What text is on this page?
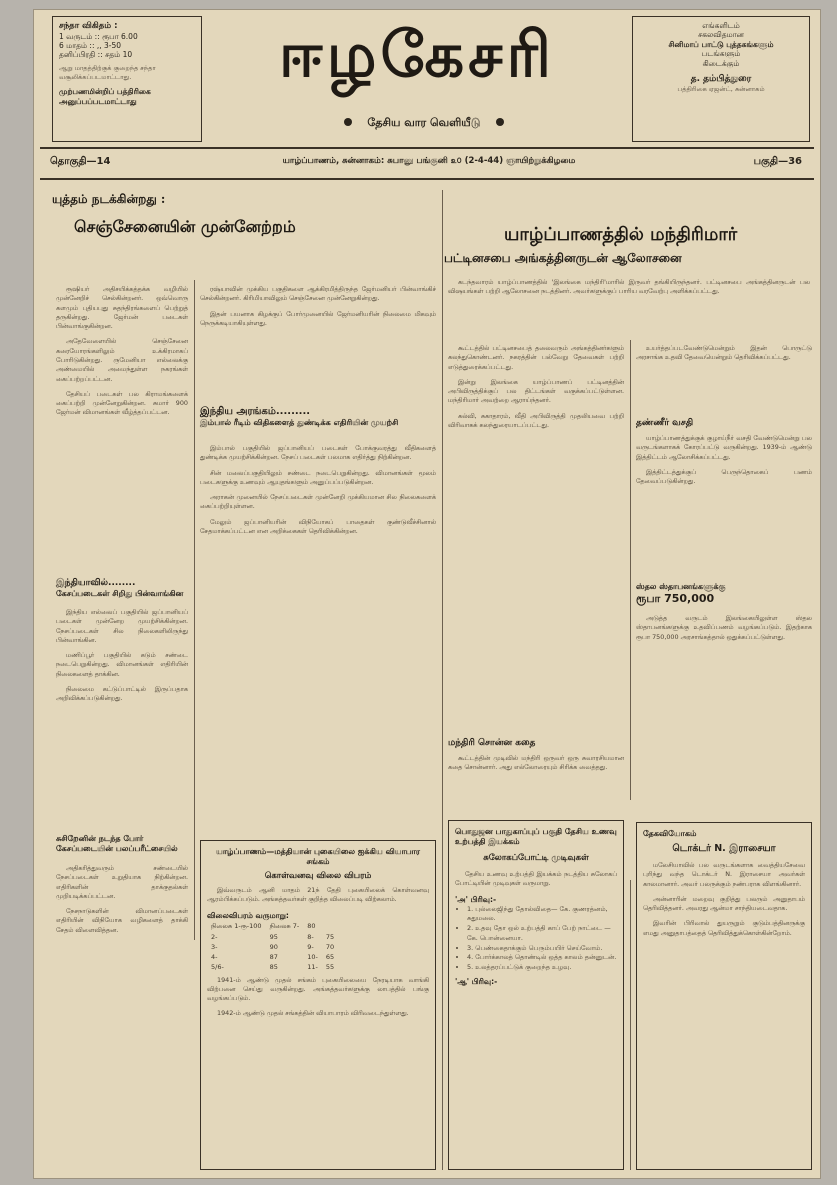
சந்தா விகிதம் :
1 வருடம் :: ரூபா 6.00
6 மாதம் :: ,, 3-50
தனிப்பிரதி :: சதம் 10
ஆறு மாதத்திற்குக் குறைந்த சந்தா வசூலிக்கப்படமாட்டாது.
முற்பணமின்றிப் பத்திரிகை அனுப்பப்படமாட்டாது
ஈழகேசரி
தேசிய வார வெளியீடு
எங்களிடம்
சகலவிதமான
சினிமாப் பாட்டு புத்தகங்களும்
படங்களும்
கிடைக்கும்
த. தம்பித்துரை
பத்திரிகை ஏஜன்ட், சுன்னாகம்
தொகுதி—14	யாழ்ப்பாணம், சுன்னாகம்: சுபானு பங்குனி ௨௦ (2-4-44) ஞாயிற்றுக்கிழமை	பகுதி—36
யுத்தம் நடக்கின்றது :
செஞ்சேனையின் முன்னேற்றம்	யாழ்ப்பாணத்தில் மந்திரிமார்
பட்டினசபை அங்கத்தினருடன் ஆலோசனை

ரூஷியர் அதிசயிக்கத்தக்க வழியில் முன்னேறிச் செல்கின்றனர். ஒவ்வொரு களமும் புதியபுது சுதந்திரங்களைப் பெற்றுத் தருகின்றது. ஜேர்மன் படைகள் பின்வாங்குகின்றன.

அதேவேளையில் செஞ்சேனை கரையோரங்களிலும் உக்கிரமாகப் போரிடுகின்றது. ருமேனியா எல்லைக்கு அண்மையில் அமைந்துள்ள நகரங்கள் கைப்பற்றப்பட்டன.

தேசியப் படைகள் பல கிராமங்களைக் கைப்பற்றி முன்னேறுகின்றன. சுமார் 900 ஜேர்மன் விமானங்கள் வீழ்த்தப்பட்டன.

இந்தியாவில்........
கேசப்படைகள் சிறிது பின்வாங்கின

இந்திய எல்லைப் பகுதியில் ஜப்பானியப் படைகள் முன்னேற முயற்சிக்கின்றன. நேசப்படைகள் சில நிலைகளிலிருந்து பின்வாங்கின.

மணிப்பூர் பகுதியில் கடும் சண்டை நடைபெறுகின்றது. விமானங்கள் எதிரியின் நிலைகளைத் தாக்கின.

நிலைமை கட்டுப்பாட்டில் இருப்பதாக அறிவிக்கப்படுகின்றது.

சுசிறேனின் நடந்த போர்
கேசப்படையின் பலப்பரீட்சையில்

அதிகரித்துவரும் சண்டையில் நேசப்படைகள் உறுதியாக நிற்கின்றன. எதிரிகளின் தாக்குதல்கள் முறியடிக்கப்பட்டன.

நேசநாடுகளின் விமானப்படைகள் எதிரியின் விநியோக வழிகளைத் தாக்கி சேதம் விளைவித்தன.

ரஷ்யாவின் முக்கிய பகுதிகளை ஆக்கிரமித்திருந்த ஜேர்மனியர் பின்வாங்கிச் செல்கின்றனர். கிரிமியாவிலும் செஞ்சேனை முன்னேறுகின்றது.

இதன் பயனாக கிழக்குப் போர்முனையில் ஜேர்மனியரின் நிலைமை மிகவும் நெருக்கடியாகியுள்ளது.

இந்திய அரங்கம்.........
இம்பால் ரீடிம் விதிகளைத் துண்டிக்க எதிரியின் முயற்சி

இம்பால் பகுதியில் ஜப்பானியப் படைகள் போக்குவரத்து வீதிகளைத் துண்டிக்க முயற்சிக்கின்றன. நேசப் படைகள் பலமாக எதிர்த்து நிற்கின்றன.

சின் மலைப்பகுதியிலும் சண்டை நடைபெறுகின்றது. விமானங்கள் மூலம் படைகளுக்கு உணவும் ஆயுதங்களும் அனுப்பப்படுகின்றன.

அராகன் முனையில் நேசப்படைகள் முன்னேறி முக்கியமான சில நிலைகளைக் கைப்பற்றியுள்ளன.

மேலும் ஜப்பானியரின் விநியோகப் பாதைகள் குண்டுவீச்சினால் சேதமாக்கப்பட்டன என அறிக்கைகள் தெரிவிக்கின்றன.

யாழ்ப்பாணம்—மத்தியான் புகையிலை ஐக்கிய வியாபார சங்கம்
கொள்வனவு விலை விபரம்

இவ்வருடம் ஆனி மாதம் 21ந் தேதி புகையிலைக் கொள்வனவு ஆரம்பிக்கப்படும். அங்கத்தவர்கள் குறித்த விலைப்படி விற்கலாம்.

விலைவிபரம் வருமாறு:
நிலைசு 1-ரூ-100	நிலைசு 7-	80	
2-	95	8-	75
3-	90	9-	70
4-	87	10-	65
5/6-	85	11-	55

1941-ம் ஆண்டு முதல் சங்கம் புகையிலையை நேரடியாக வாங்கி விற்பனை செய்து வருகின்றது. அங்கத்தவர்களுக்கு லாபத்தில் பங்கு வழங்கப்படும்.

1942-ம் ஆண்டு முதல் சங்கத்தின் வியாபாரம் விரிவடைந்துள்ளது.

கடந்தவாரம் யாழ்ப்பாணத்தில் 'இலங்கை மந்திரி'மாரில் இருவர் தங்கியிருந்தனர். பட்டினசபை அங்கத்தினருடன் பல விஷயங்கள் பற்றி ஆலோசனை நடத்தினர். அவர்களுக்குப் பாரிய வரவேற்பு அளிக்கப்பட்டது.

கூட்டத்தில் பட்டினசபைத் தலைவரும் அங்கத்தினர்களும் கலந்துகொண்டனர். நகரத்தின் பல்வேறு தேவைகள் பற்றி எடுத்துரைக்கப்பட்டது.

இன்று இலங்கை யாழ்ப்பாணப் பட்டினத்தின் அபிவிருத்திக்குப் பல திட்டங்கள் வகுக்கப்பட்டுள்ளன. மந்திரிமார் அவற்றை ஆராய்ந்தனர்.

கல்வி, சுகாதாரம், வீதி அபிவிருத்தி முதலியவை பற்றி விரிவாகக் கலந்துரையாடப்பட்டது.

மந்திரி சொன்ன கதை

கூட்டத்தின் முடிவில் மந்திரி ஒருவர் ஒரு சுவாரசியமான கதை சொன்னார். அது எல்லோரையும் சிரிக்க வைத்தது.

உயர்த்தப்படவேண்டுமென்றும் இதன் பொருட்டு அரசாங்க உதவி தேவையென்றும் தெரிவிக்கப்பட்டது.

தண்ணீர் வசதி

யாழ்ப்பாணத்துக்குக் குழாய்நீர் வசதி வேண்டுமென்று பல வருடங்களாகக் கோரப்பட்டு வருகின்றது. 1939-ம் ஆண்டு இத்திட்டம் ஆலோசிக்கப்பட்டது.

இத்திட்டத்துக்குப் பெருந்தொகைப் பணம் தேவைப்படுகின்றது.

ஸ்தல ஸ்தாபனங்களுக்கு
ரூபா 750,000

அடுத்த வருடம் இலங்கையிலுள்ள ஸ்தல ஸ்தாபனங்களுக்கு உதவிப்பணம் வழங்கப்படும். இதற்காக ரூபா 750,000 அரசாங்கத்தால் ஒதுக்கப்பட்டுள்ளது.

பொதுஜன பாதுகாப்புப் பகுதி தேசிய உணவு உற்பத்தி இயக்கம்
சுலோகப்போட்டி முடிவுகள்

தேசிய உணவு உற்பத்தி இயக்கம் நடத்திய சுலோகப் போட்டியின் முடிவுகள் வருமாறு.

'அ' பிரிவு:-
• 1. புல்லைஜிந்து தோல்விதை— கே. குணரத்னம், சுதுமலை.
• 2. உதவு தோ ஒல் உற்பத்தி காப் பேற் நாட்டை — கே. பொன்னையா.
• 3. பெண்கைதாக்கும் பெரும்பயிர் செய்வோம்.
• 4. போர்க்காலத் தொண்டில் ஒத்த காலம் தன்னுடன்.
• 5. உலத்தரப்பட்டுக் குறைந்த உழவு.
'ஆ' பிரிவு:-
தேகவியோகம்
டொக்டர் N. இராசையா

மலேசியாவில் பல வருடங்களாக வைத்தியசேவை புரிந்து வந்த டொக்டர் N. இராசையா அவர்கள் காலமானார். அவர் பலருக்கும் நண்பராக விளங்கினார்.

அன்னாரின் மறைவு குறித்து பலரும் அனுதாபம் தெரிவித்தனர். அவரது ஆன்மா சாந்தியடைவதாக.

இவரின் பிரிவால் துயருறும் குடும்பத்தினருக்கு எமது அனுதாபத்தைத் தெரிவித்துக்கொள்கின்றோம்.
